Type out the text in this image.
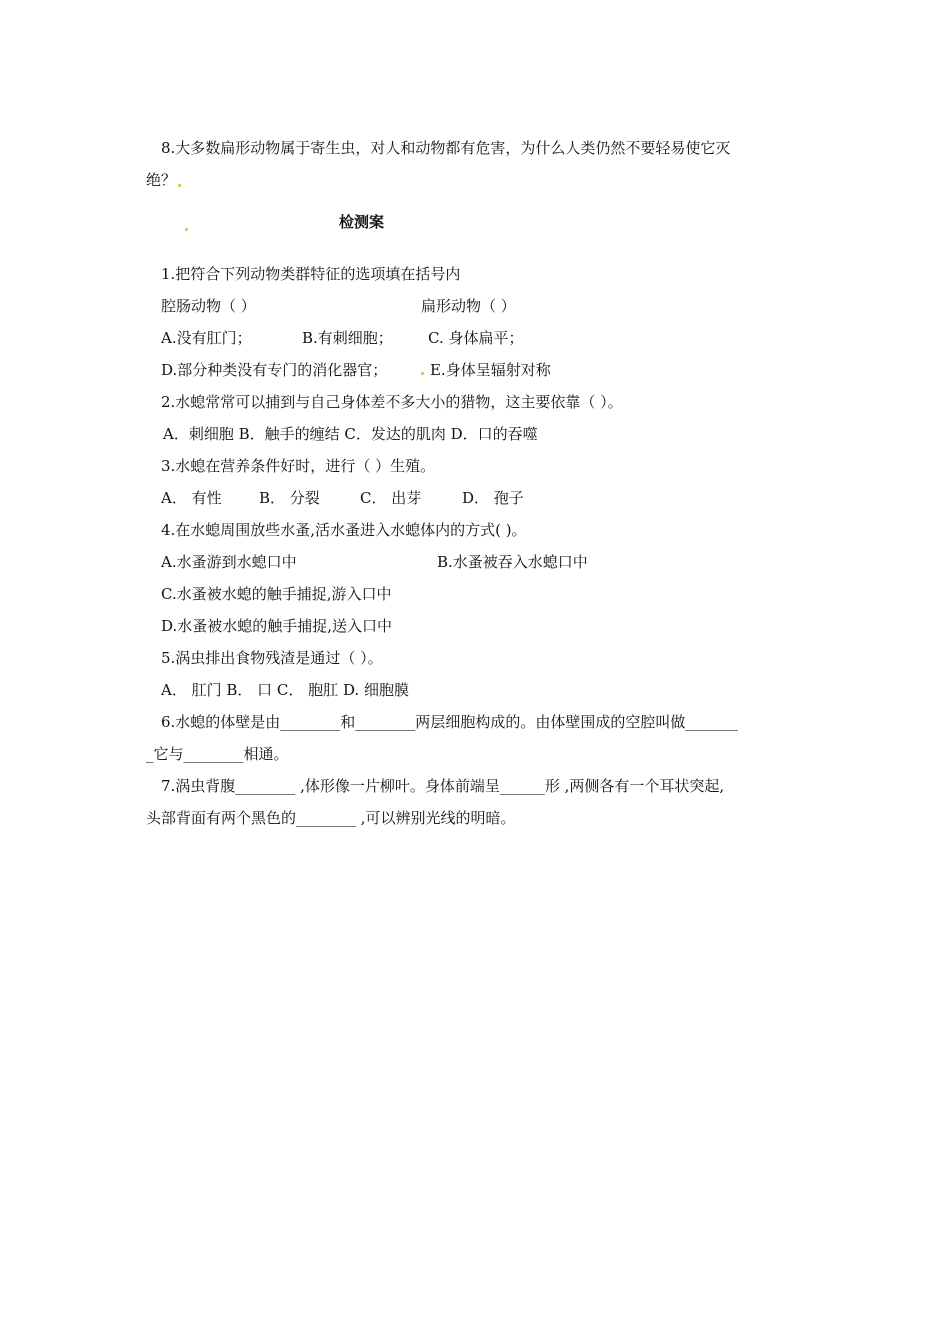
8.大多数扁形动物属于寄生虫，对人和动物都有危害，为什么人类仍然不要轻易使它灭
绝？
检测案
1.把符合下列动物类群特征的选项填在括号内
腔肠动物（ ）	扁形动物（ ）
A.没有肛门；	B.有刺细胞； C. 身体扁平；
D.部分种类没有专门的消化器官；	E.身体呈辐射对称
2.水螅常常可以捕到与自己身体差不多大小的猎物，这主要依靠（ ）。
A．刺细胞 B．触手的缠结 C．发达的肌肉 D．口的吞噬
3.水螅在营养条件好时，进行（ ）生殖。
A． 有性 B． 分裂	C． 出芽	D． 孢子
4.在水螅周围放些水蚤,活水蚤进入水螅体内的方式( )。
A.水蚤游到水螅口中	B.水蚤被吞入水螅口中
C.水蚤被水螅的触手捕捉,游入口中
D.水蚤被水螅的触手捕捉,送入口中
5.涡虫排出食物残渣是通过（ ）。
A． 肛门 B． 口 C． 胞肛 D. 细胞膜
6.水螅的体壁是由________和________两层细胞构成的。由体壁围成的空腔叫做_______
_它与________相通。
7.涡虫背腹________ ,体形像一片柳叶。身体前端呈______形 ,两侧各有一个耳状突起,
头部背面有两个黑色的________ ,可以辨别光线的明暗。
